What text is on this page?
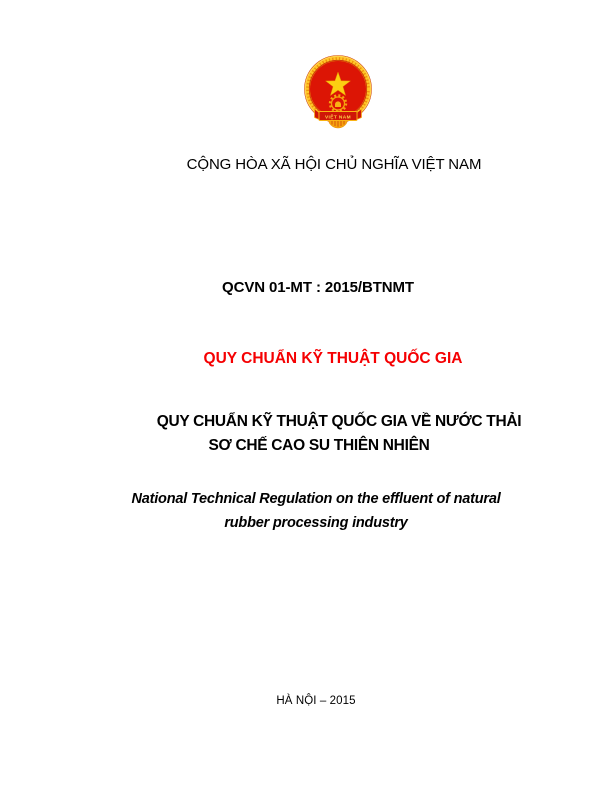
VIỆT NAM
CỘNG HÒA XÃ HỘI CHỦ NGHĨA VIỆT NAM
QCVN 01-MT : 2015/BTNMT
QUY CHUẨN KỸ THUẬT QUỐC GIA
QUY CHUẨN KỸ THUẬT QUỐC GIA VỀ NƯỚC THẢI
SƠ CHẾ CAO SU THIÊN NHIÊN
National Technical Regulation on the effluent of natural
rubber processing industry
HÀ NỘI – 2015
